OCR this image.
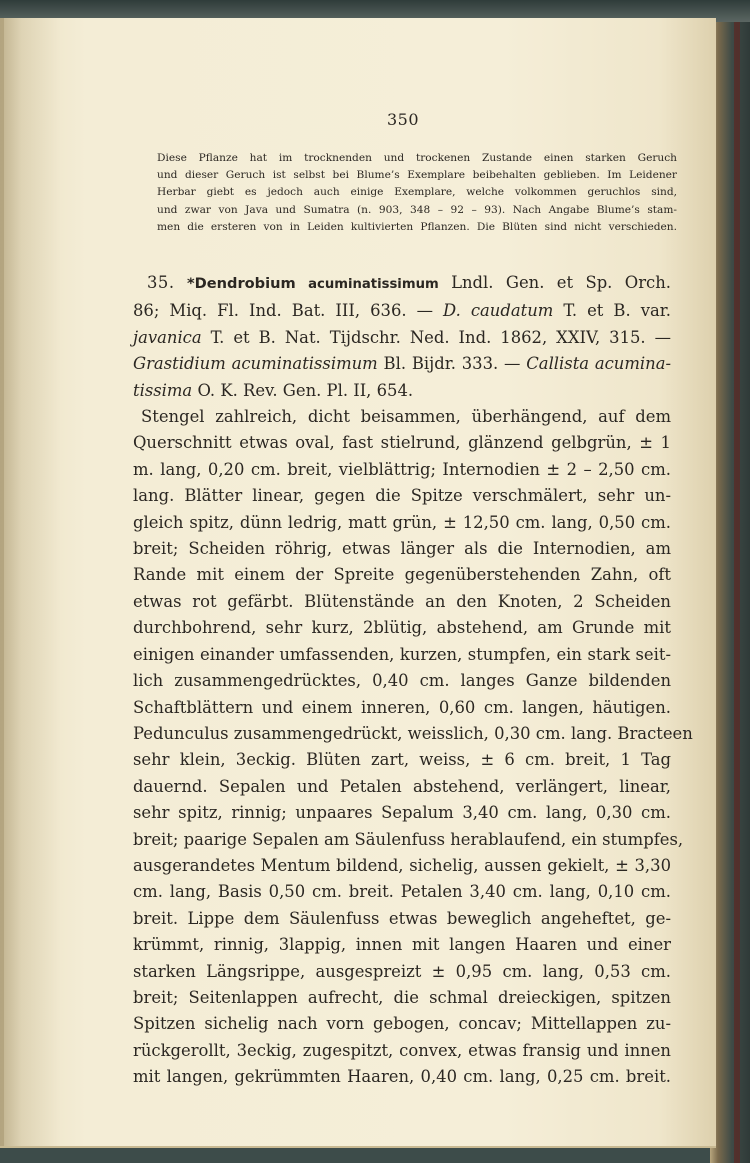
350
Diese Pflanze hat im trocknenden und trockenen Zustande einen starken Geruch
und dieser Geruch ist selbst bei Blume’s Exemplare beibehalten geblieben. Im Leidener
Herbar giebt es jedoch auch einige Exemplare, welche volkommen geruchlos sind,
und zwar von Java und Sumatra (n. 903, 348 – 92 – 93). Nach Angabe Blume’s stam-
men die ersteren von in Leiden kultivierten Pflanzen. Die Blüten sind nicht verschieden.
35. *Dendrobium acuminatissimum Lndl. Gen. et Sp. Orch.
86; Miq. Fl. Ind. Bat. III, 636. — D. caudatum T. et B. var.
javanica T. et B. Nat. Tijdschr. Ned. Ind. 1862, XXIV, 315. —
Grastidium acuminatissimum Bl. Bijdr. 333. — Callista acumina-
tissima O. K. Rev. Gen. Pl. II, 654.
Stengel zahlreich, dicht beisammen, überhängend, auf dem
Querschnitt etwas oval, fast stielrund, glänzend gelbgrün, ± 1
m. lang, 0,20 cm. breit, vielblättrig; Internodien ± 2 – 2,50 cm.
lang. Blätter linear, gegen die Spitze verschmälert, sehr un-
gleich spitz, dünn ledrig, matt grün, ± 12,50 cm. lang, 0,50 cm.
breit; Scheiden röhrig, etwas länger als die Internodien, am
Rande mit einem der Spreite gegenüberstehenden Zahn, oft
etwas rot gefärbt. Blütenstände an den Knoten, 2 Scheiden
durchbohrend, sehr kurz, 2blütig, abstehend, am Grunde mit
einigen einander umfassenden, kurzen, stumpfen, ein stark seit-
lich zusammengedrücktes, 0,40 cm. langes Ganze bildenden
Schaftblättern und einem inneren, 0,60 cm. langen, häutigen.
Pedunculus zusammengedrückt, weisslich, 0,30 cm. lang. Bracteen
sehr klein, 3eckig. Blüten zart, weiss, ± 6 cm. breit, 1 Tag
dauernd. Sepalen und Petalen abstehend, verlängert, linear,
sehr spitz, rinnig; unpaares Sepalum 3,40 cm. lang, 0,30 cm.
breit; paarige Sepalen am Säulenfuss herablaufend, ein stumpfes,
ausgerandetes Mentum bildend, sichelig, aussen gekielt, ± 3,30
cm. lang, Basis 0,50 cm. breit. Petalen 3,40 cm. lang, 0,10 cm.
breit. Lippe dem Säulenfuss etwas beweglich angeheftet, ge-
krümmt, rinnig, 3lappig, innen mit langen Haaren und einer
starken Längsrippe, ausgespreizt ± 0,95 cm. lang, 0,53 cm.
breit; Seitenlappen aufrecht, die schmal dreieckigen, spitzen
Spitzen sichelig nach vorn gebogen, concav; Mittellappen zu-
rückgerollt, 3eckig, zugespitzt, convex, etwas fransig und innen
mit langen, gekrümmten Haaren, 0,40 cm. lang, 0,25 cm. breit.
